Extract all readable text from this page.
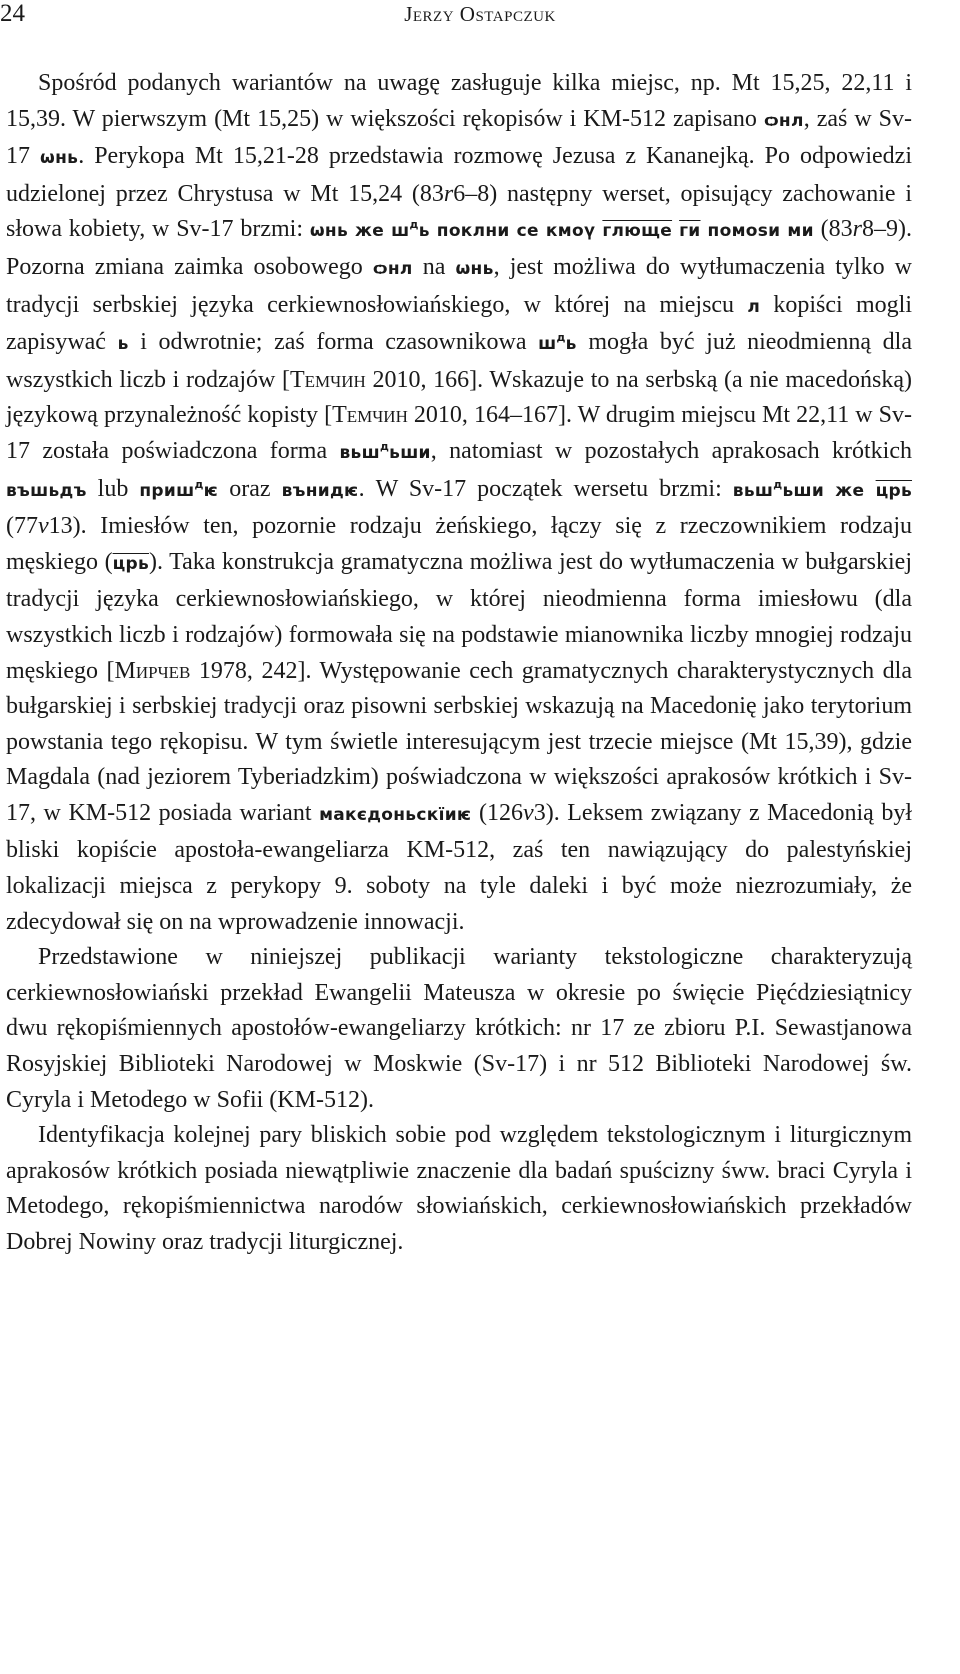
24	Jerzy Ostapczuk

Spośród podanych wariantów na uwagę zasługuje kilka miejsc, np. Mt 15,25, 22,11 i 15,39. W pierwszym (Mt 15,25) w większości rękopisów i KM-512 zapisano ѻнл, zaś w Sv-17 ѡнь. Perykopa Mt 15,21-28 przedstawia rozmowę Jezusa z Kananejką. Po odpowiedzi udzielonej przez Chrystusa w Mt 15,24 (83r6–8) następny werset, opisujący zachowanie i słowa kobiety, w Sv-17 brzmi: ѡнь же $ш^дь$ поклни се кмоү глюще ги помоѕи ми (83r8–9). Pozorna zmiana zaimka osobowego ѻнл na ѡнь, jest możliwa do wytłumaczenia tylko w tradycji serbskiej języka cerkiewnosłowiańskiego, w której na miejscu л kopiści mogli zapisywać ь i odwrotnie; zaś forma czasownikowa $ш^дь$ mogła być już nieodmienną dla wszystkich liczb i rodzajów [Темчин 2010, 166]. Wskazuje to na serbską (a nie macedońską) językową przynależność kopisty [Темчин 2010, 164–167]. W drugim miejscu Mt 22,11 w Sv-17 została poświadczona forma вьш$^д$ьши, natomiast w pozostałych aprakosach krótkich въшьдъ lub приш$^д$ѥ oraz вънидѥ. W Sv-17 początek wersetu brzmi: вьш$^д$ьши же црь (77v13). Imiesłów ten, pozornie rodzaju żeńskiego, łączy się z rzeczownikiem rodzaju męskiego (црь). Taka konstrukcja gramatyczna możliwa jest do wytłumaczenia w bułgarskiej tradycji języka cerkiewnosłowiańskiego, w której nieodmienna forma imiesłowu (dla wszystkich liczb i rodzajów) formowała się na podstawie mianownika liczby mnogiej rodzaju męskiego [Мирчев 1978, 242]. Występowanie cech gramatycznych charakterystycznych dla bułgarskiej i serbskiej tradycji oraz pisowni serbskiej wskazują na Macedonię jako terytorium powstania tego rękopisu. W tym świetle interesującym jest trzecie miejsce (Mt 15,39), gdzie Magdala (nad jeziorem Tyberiadzkim) poświadczona w większości aprakosów krótkich i Sv-17, w KM-512 posiada wariant макєдоньскїиѥ (126v3). Leksem związany z Macedonią był bliski kopiście apostoła-ewangeliarza KM-512, zaś ten nawiązujący do palestyńskiej lokalizacji miejsca z perykopy 9. soboty na tyle daleki i być może niezrozumiały, że zdecydował się on na wprowadzenie innowacji.

Przedstawione w niniejszej publikacji warianty tekstologiczne charakteryzują cerkiewnosłowiański przekład Ewangelii Mateusza w okresie po święcie Pięćdziesiątnicy dwu rękopiśmiennych apostołów-ewangeliarzy krótkich: nr 17 ze zbioru P.I. Sewastjanowa Rosyjskiej Biblioteki Narodowej w Moskwie (Sv-17) i nr 512 Biblioteki Narodowej św. Cyryla i Metodego w Sofii (KM-512).

Identyfikacja kolejnej pary bliskich sobie pod względem tekstologicznym i liturgicznym aprakosów krótkich posiada niewątpliwie znaczenie dla badań spuścizny śww. braci Cyryla i Metodego, rękopiśmiennictwa narodów słowiańskich, cerkiewnosłowiańskich przekładów Dobrej Nowiny oraz tradycji liturgicznej.
